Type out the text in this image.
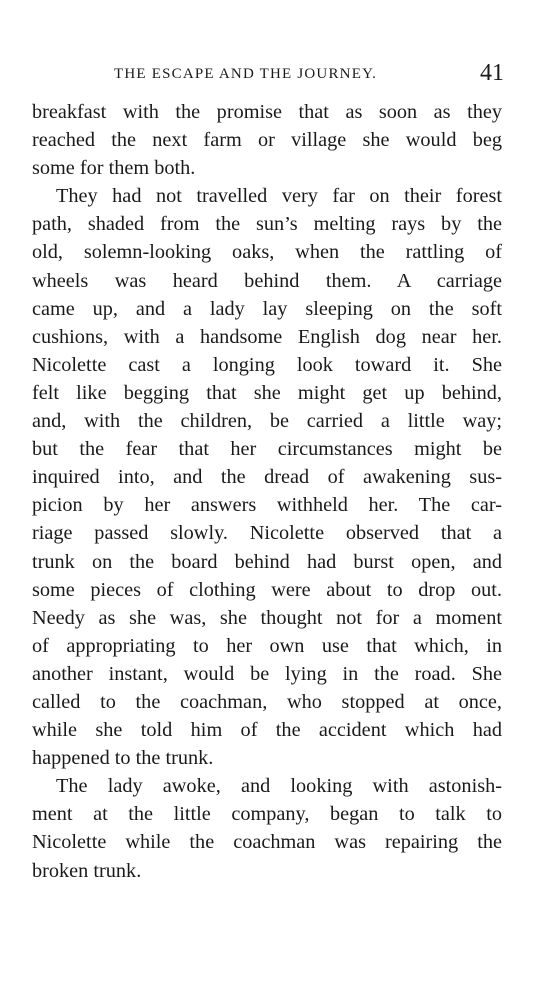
THE ESCAPE AND THE JOURNEY.	41
breakfast with the promise that as soon as they
reached the next farm or village she would beg
some for them both.
They had not travelled very far on their forest
path, shaded from the sun’s melting rays by the
old, solemn-looking oaks, when the rattling of
wheels was heard behind them. A carriage
came up, and a lady lay sleeping on the soft
cushions, with a handsome English dog near her.
Nicolette cast a longing look toward it. She
felt like begging that she might get up behind,
and, with the children, be carried a little way;
but the fear that her circumstances might be
inquired into, and the dread of awakening sus-
picion by her answers withheld her. The car-
riage passed slowly. Nicolette observed that a
trunk on the board behind had burst open, and
some pieces of clothing were about to drop out.
Needy as she was, she thought not for a moment
of appropriating to her own use that which, in
another instant, would be lying in the road. She
called to the coachman, who stopped at once,
while she told him of the accident which had
happened to the trunk.
The lady awoke, and looking with astonish-
ment at the little company, began to talk to
Nicolette while the coachman was repairing the
broken trunk.
